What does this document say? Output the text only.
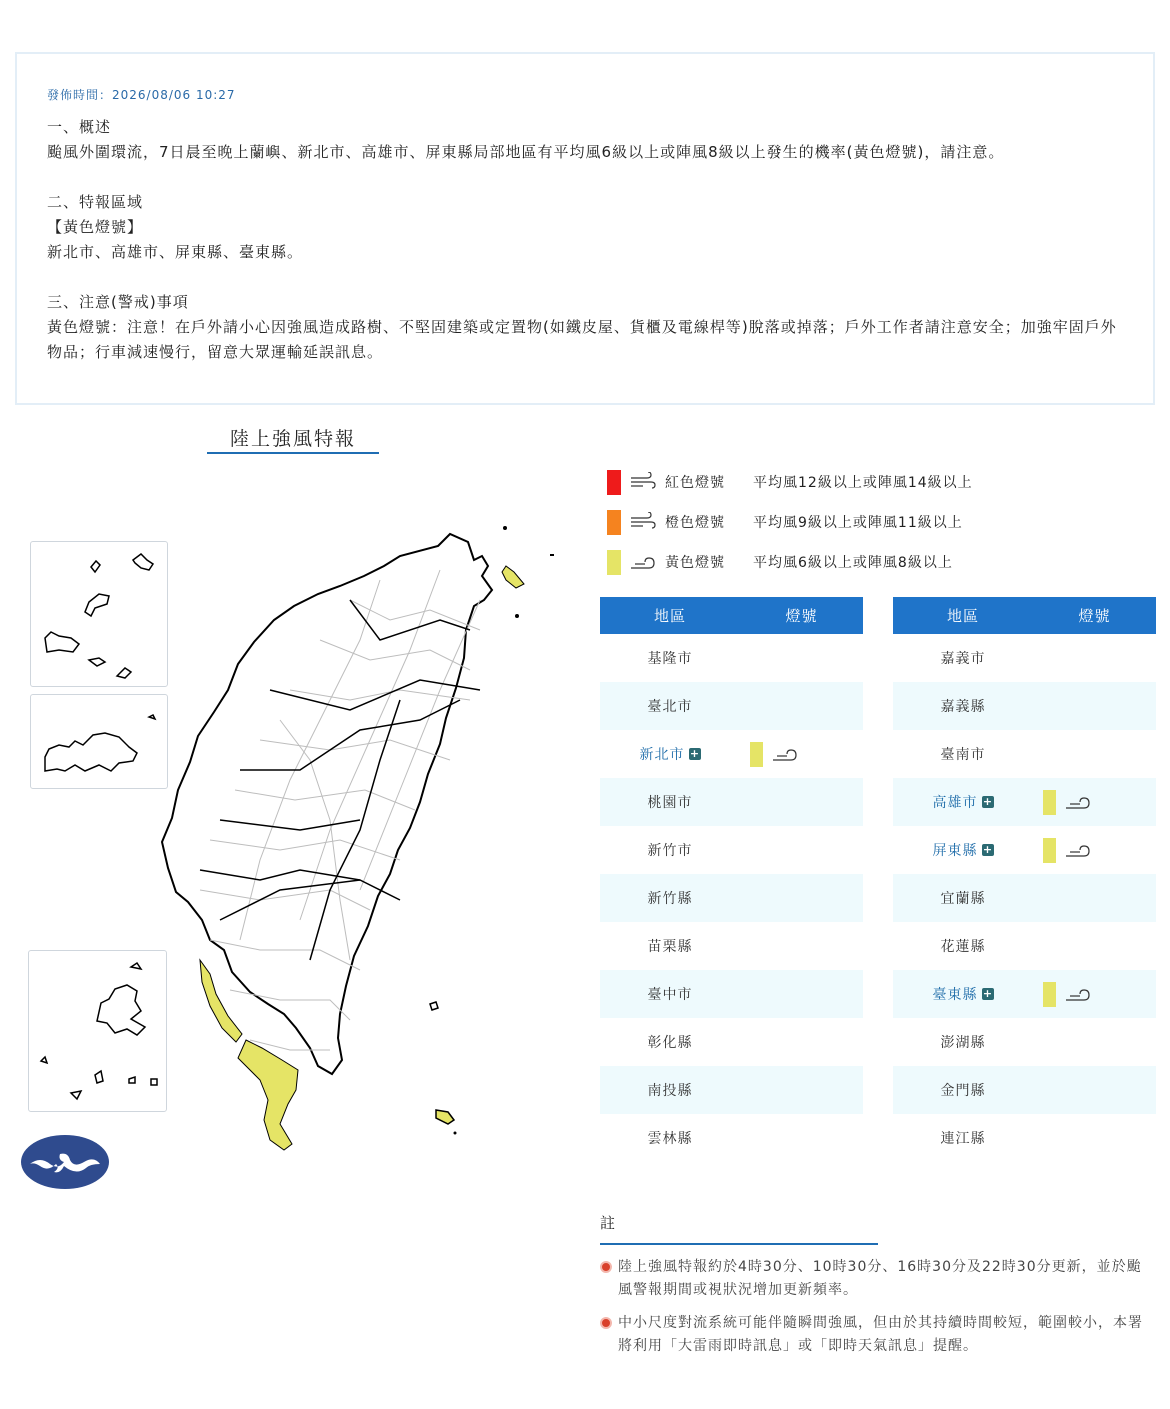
發佈時間：2026/08/06 10:27
一、概述
颱風外圍環流，7日晨至晚上蘭嶼、新北市、高雄市、屏東縣局部地區有平均風6級以上或陣風8級以上發生的機率(黃色燈號)，請注意。
二、特報區域
【黃色燈號】
新北市、高雄市、屏東縣、臺東縣。
三、注意(警戒)事項
黃色燈號：注意！在戶外請小心因強風造成路樹、不堅固建築或定置物(如鐵皮屋、貨櫃及電線桿等)脫落或掉落；戶外工作者請注意安全；加強牢固戶外物品；行車減速慢行，留意大眾運輸延誤訊息。
陸上強風特報
紅色燈號	平均風12級以上或陣風14級以上
橙色燈號	平均風9級以上或陣風11級以上
黃色燈號	平均風6級以上或陣風8級以上
地區	燈號
基隆市
臺北市
新北市 +
桃園市
新竹市
新竹縣
苗栗縣
臺中市
彰化縣
南投縣
雲林縣
地區	燈號
嘉義市
嘉義縣
臺南市
高雄市 +
屏東縣 +
宜蘭縣
花蓮縣
臺東縣 +
澎湖縣
金門縣
連江縣
註
陸上強風特報約於4時30分、10時30分、16時30分及22時30分更新，並於颱風警報期間或視狀況增加更新頻率。
中小尺度對流系統可能伴隨瞬間強風，但由於其持續時間較短，範圍較小，本署將利用「大雷雨即時訊息」或「即時天氣訊息」提醒。
